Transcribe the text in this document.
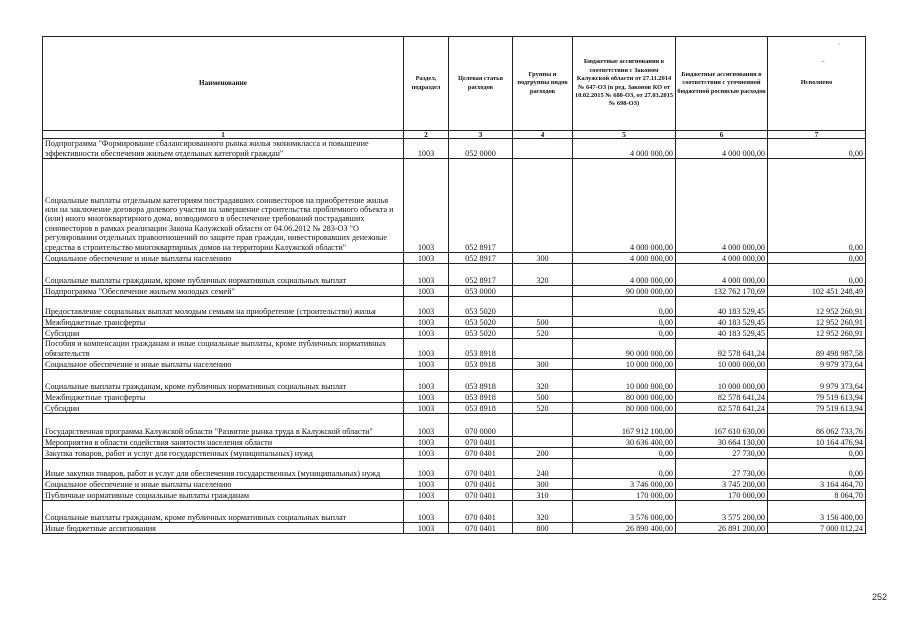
Наименование	Раздел, подраздел	Целевая статья расходов	Группы и подгруппы видов расходов	Бюджетные ассигнования в соответствии с Законом Калужской области от 27.11.2014 № 647-ОЗ (в ред. Законов КО от 10.02.2015 № 680-ОЗ, от 27.03.2015 № 698-ОЗ)	Бюджетные ассигнования в соответствии с уточненной бюджетной росписью расходов	Исполнено
1	2	3	4	5	6	7
Подпрограмма "Формирование сбалансированного рынка жилья экономкласса и повышение эффективности обеспечения жильем отдельных категорий граждан"	1003	052 0000		4 000 000,00	4 000 000,00	0,00
Социальные выплаты отдельным категориям пострадавших соинвесторов на приобретение жилья или на заключение договора долевого участия на завершение строительства проблемного объекта и (или) иного многоквартирного дома, возводимого в обеспечение требований пострадавших соинвесторов в рамках реализации Закона Калужской области от 04.06.2012 № 283-ОЗ "О регулировании отдельных правоотношений по защите прав граждан, инвестировавших денежные средства в строительство многоквартирных домов на территории Калужской области"	1003	052 8917		4 000 000,00	4 000 000,00	0,00
Социальное обеспечение и иные выплаты населению	1003	052 8917	300	4 000 000,00	4 000 000,00	0,00
Социальные выплаты гражданам, кроме публичных нормативных социальных выплат	1003	052 8917	320	4 000 000,00	4 000 000,00	0,00
Подпрограмма "Обеспечение жильем молодых семей"	1003	053 0000		90 000 000,00	132 762 170,69	102 451 248,49
Предоставление социальных выплат молодым семьям на приобретение (строительство) жилья	1003	053 5020		0,00	40 183 529,45	12 952 260,91
Межбюджетные трансферты	1003	053 5020	500	0,00	40 183 529,45	12 952 260,91
Субсидии	1003	053 5020	520	0,00	40 183 529,45	12 952 260,91
Пособия и компенсации гражданам и иные социальные выплаты, кроме публичных нормативных обязательств	1003	053 8918		90 000 000,00	92 578 641,24	89 498 987,58
Социальное обеспечение и иные выплаты населению	1003	053 8918	300	10 000 000,00	10 000 000,00	9 979 373,64
Социальные выплаты гражданам, кроме публичных нормативных социальных выплат	1003	053 8918	320	10 000 000,00	10 000 000,00	9 979 373,64
Межбюджетные трансферты	1003	053 8918	500	80 000 000,00	82 578 641,24	79 519 613,94
Субсидии	1003	053 8918	520	80 000 000,00	82 578 641,24	79 519 613,94
Государственная программа Калужской области "Развитие рынка труда в Калужской области"	1003	070 0000		167 912 100,00	167 610 630,00	86 062 733,76
Мероприятия в области содействия занятости населения области	1003	070 0401		30 636 400,00	30 664 130,00	10 164 476,94
Закупка товаров, работ и услуг для государственных (муниципальных) нужд	1003	070 0401	200	0,00	27 730,00	0,00
Иные закупки товаров, работ и услуг для обеспечения государственных (муниципальных) нужд	1003	070 0401	240	0,00	27 730,00	0,00
Социальное обеспечение и иные выплаты населению	1003	070 0401	300	3 746 000,00	3 745 200,00	3 164 464,70
Публичные нормативные социальные выплаты гражданам	1003	070 0401	310	170 000,00	170 000,00	8 064,70
Социальные выплаты гражданам, кроме публичных нормативных социальных выплат	1003	070 0401	320	3 576 000,00	3 575 200,00	3 156 400,00
Иные бюджетные ассигнования	1003	070 0401	800	26 890 400,00	26 891 200,00	7 000 012,24
252
ˎ
ˇ
